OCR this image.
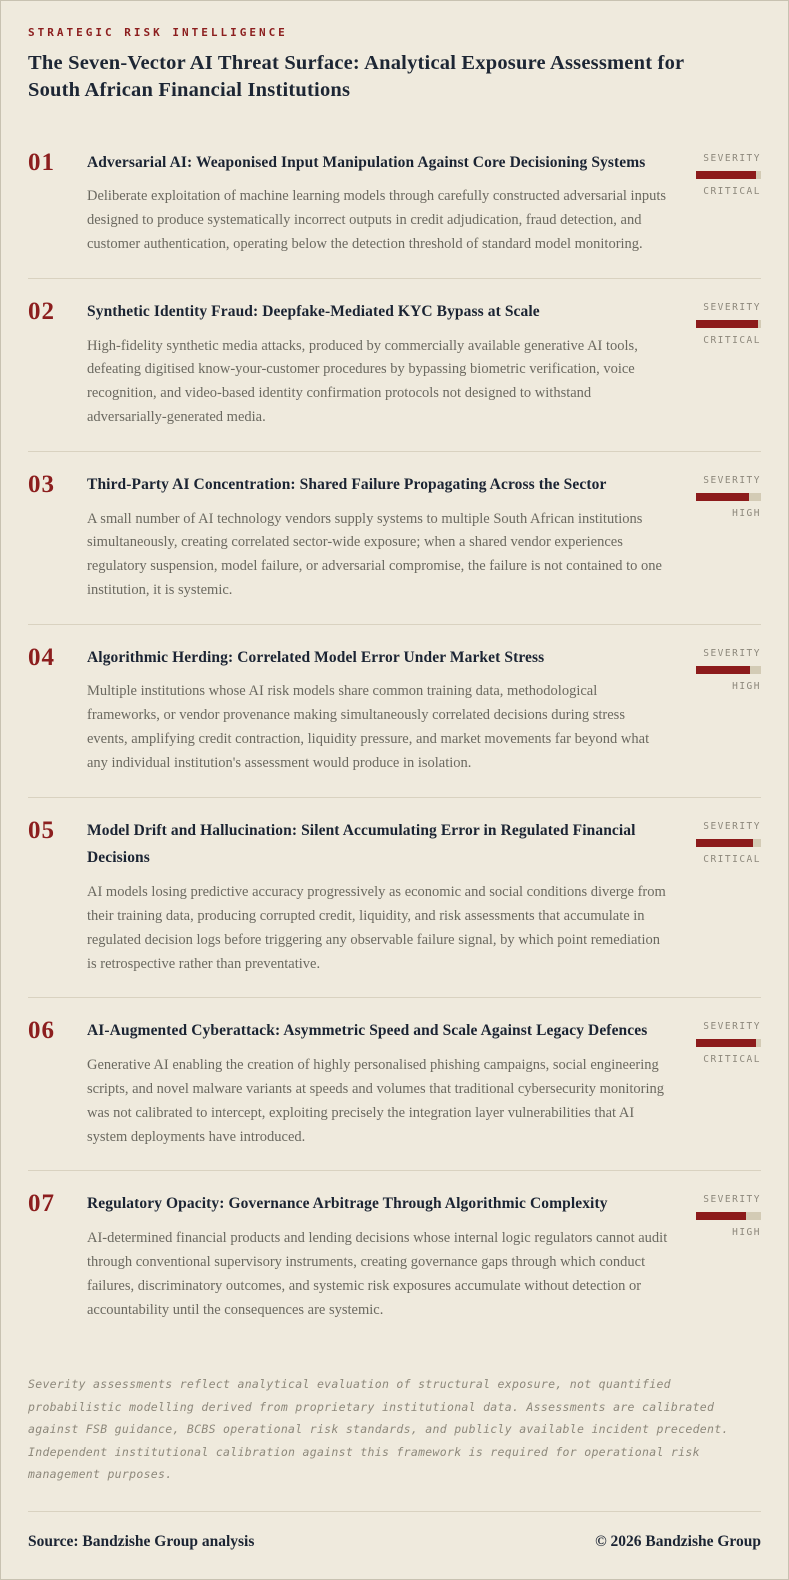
STRATEGIC RISK INTELLIGENCE
The Seven-Vector AI Threat Surface: Analytical Exposure Assessment for South African Financial Institutions
01	Adversarial AI: Weaponised Input Manipulation Against Core Decisioning Systems

Deliberate exploitation of machine learning models through carefully constructed adversarial inputs designed to produce systematically incorrect outputs in credit adjudication, fraud detection, and customer authentication, operating below the detection threshold of standard model monitoring.

SEVERITY
CRITICAL
02	Synthetic Identity Fraud: Deepfake-Mediated KYC Bypass at Scale

High-fidelity synthetic media attacks, produced by commercially available generative AI tools, defeating digitised know-your-customer procedures by bypassing biometric verification, voice recognition, and video-based identity confirmation protocols not designed to withstand adversarially-generated media.

SEVERITY
CRITICAL
03	Third-Party AI Concentration: Shared Failure Propagating Across the Sector

A small number of AI technology vendors supply systems to multiple South African institutions simultaneously, creating correlated sector-wide exposure; when a shared vendor experiences regulatory suspension, model failure, or adversarial compromise, the failure is not contained to one institution, it is systemic.

SEVERITY
HIGH
04	Algorithmic Herding: Correlated Model Error Under Market Stress

Multiple institutions whose AI risk models share common training data, methodological frameworks, or vendor provenance making simultaneously correlated decisions during stress events, amplifying credit contraction, liquidity pressure, and market movements far beyond what any individual institution's assessment would produce in isolation.

SEVERITY
HIGH
05	Model Drift and Hallucination: Silent Accumulating Error in Regulated Financial Decisions

AI models losing predictive accuracy progressively as economic and social conditions diverge from their training data, producing corrupted credit, liquidity, and risk assessments that accumulate in regulated decision logs before triggering any observable failure signal, by which point remediation is retrospective rather than preventative.

SEVERITY
CRITICAL
06	AI-Augmented Cyberattack: Asymmetric Speed and Scale Against Legacy Defences

Generative AI enabling the creation of highly personalised phishing campaigns, social engineering scripts, and novel malware variants at speeds and volumes that traditional cybersecurity monitoring was not calibrated to intercept, exploiting precisely the integration layer vulnerabilities that AI system deployments have introduced.

SEVERITY
CRITICAL
07	Regulatory Opacity: Governance Arbitrage Through Algorithmic Complexity

AI-determined financial products and lending decisions whose internal logic regulators cannot audit through conventional supervisory instruments, creating governance gaps through which conduct failures, discriminatory outcomes, and systemic risk exposures accumulate without detection or accountability until the consequences are systemic.

SEVERITY
HIGH

Severity assessments reflect analytical evaluation of structural exposure, not quantified probabilistic modelling derived from proprietary institutional data. Assessments are calibrated against FSB guidance, BCBS operational risk standards, and publicly available incident precedent. Independent institutional calibration against this framework is required for operational risk management purposes.

Source: Bandzishe Group analysis	© 2026 Bandzishe Group
